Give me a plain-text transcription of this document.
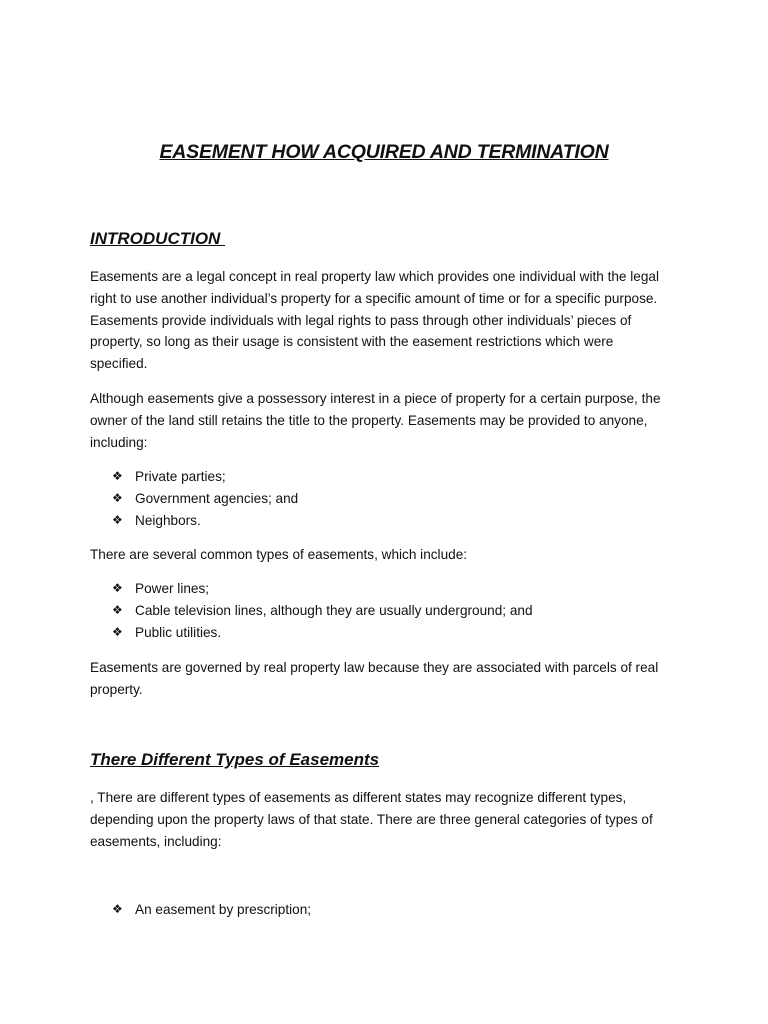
EASEMENT HOW ACQUIRED AND TERMINATION
INTRODUCTION

Easements are a legal concept in real property law which provides one individual with the legal
right to use another individual’s property for a specific amount of time or for a specific purpose.
Easements provide individuals with legal rights to pass through other individuals’ pieces of
property, so long as their usage is consistent with the easement restrictions which were
specified.

Although easements give a possessory interest in a piece of property for a certain purpose, the
owner of the land still retains the title to the property. Easements may be provided to anyone,
including:

❖ Private parties;
❖ Government agencies; and
❖ Neighbors.

There are several common types of easements, which include:

❖ Power lines;
❖ Cable television lines, although they are usually underground; and
❖ Public utilities.

Easements are governed by real property law because they are associated with parcels of real
property.

There Different Types of Easements

, There are different types of easements as different states may recognize different types,
depending upon the property laws of that state. There are three general categories of types of
easements, including:

❖ An easement by prescription;
